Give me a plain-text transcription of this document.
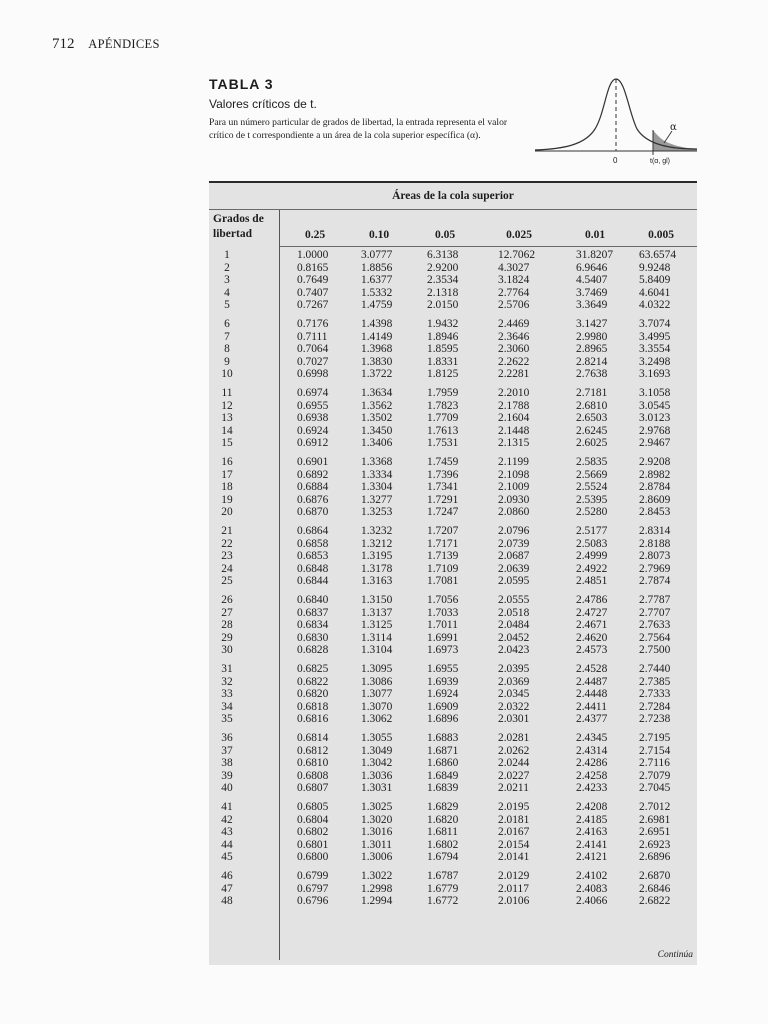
712 APÉNDICES
TABLA 3
Valores críticos de t.
Para un número particular de grados de libertad, la entrada representa el valor crítico de t correspondiente a un área de la cola superior específica (α).
α
0	t(α, gl)
Áreas de la cola superior
Grados de
libertad	0.25	0.10	0.05	0.025	0.01	0.005
1	1.0000	3.0777	6.3138	12.7062	31.8207 63.6574
2	0.8165	1.8856	2.9200	4.3027	6.9646	9.9248
3	0.7649	1.6377	2.3534	3.1824	4.5407	5.8409
4	0.7407	1.5332	2.1318	2.7764	3.7469	4.6041
5	0.7267	1.4759	2.0150	2.5706	3.3649	4.0322
6	0.7176	1.4398	1.9432	2.4469	3.1427	3.7074
7	0.7111	1.4149	1.8946	2.3646	2.9980	3.4995
8	0.7064	1.3968	1.8595	2.3060	2.8965	3.3554
9	0.7027	1.3830	1.8331	2.2622	2.8214	3.2498
10	0.6998	1.3722	1.8125	2.2281	2.7638	3.1693
11	0.6974	1.3634	1.7959	2.2010	2.7181	3.1058
12	0.6955	1.3562	1.7823	2.1788	2.6810	3.0545
13	0.6938	1.3502	1.7709	2.1604	2.6503	3.0123
14	0.6924	1.3450	1.7613	2.1448	2.6245	2.9768
15	0.6912	1.3406	1.7531	2.1315	2.6025	2.9467
16	0.6901	1.3368	1.7459	2.1199	2.5835	2.9208
17	0.6892	1.3334	1.7396	2.1098	2.5669	2.8982
18	0.6884	1.3304	1.7341	2.1009	2.5524	2.8784
19	0.6876	1.3277	1.7291	2.0930	2.5395	2.8609
20	0.6870	1.3253	1.7247	2.0860	2.5280	2.8453
21	0.6864	1.3232	1.7207	2.0796	2.5177	2.8314
22	0.6858	1.3212	1.7171	2.0739	2.5083	2.8188
23	0.6853	1.3195	1.7139	2.0687	2.4999	2.8073
24	0.6848	1.3178	1.7109	2.0639	2.4922	2.7969
25	0.6844	1.3163	1.7081	2.0595	2.4851	2.7874
26	0.6840	1.3150	1.7056	2.0555	2.4786	2.7787
27	0.6837	1.3137	1.7033	2.0518	2.4727	2.7707
28	0.6834	1.3125	1.7011	2.0484	2.4671	2.7633
29	0.6830	1.3114	1.6991	2.0452	2.4620	2.7564
30	0.6828	1.3104	1.6973	2.0423	2.4573	2.7500
31	0.6825	1.3095	1.6955	2.0395	2.4528	2.7440
32	0.6822	1.3086	1.6939	2.0369	2.4487	2.7385
33	0.6820	1.3077	1.6924	2.0345	2.4448	2.7333
34	0.6818	1.3070	1.6909	2.0322	2.4411	2.7284
35	0.6816	1.3062	1.6896	2.0301	2.4377	2.7238
36	0.6814	1.3055	1.6883	2.0281	2.4345	2.7195
37	0.6812	1.3049	1.6871	2.0262	2.4314	2.7154
38	0.6810	1.3042	1.6860	2.0244	2.4286	2.7116
39	0.6808	1.3036	1.6849	2.0227	2.4258	2.7079
40	0.6807	1.3031	1.6839	2.0211	2.4233	2.7045
41	0.6805	1.3025	1.6829	2.0195	2.4208	2.7012
42	0.6804	1.3020	1.6820	2.0181	2.4185	2.6981
43	0.6802	1.3016	1.6811	2.0167	2.4163	2.6951
44	0.6801	1.3011	1.6802	2.0154	2.4141	2.6923
45	0.6800	1.3006	1.6794	2.0141	2.4121	2.6896
46	0.6799	1.3022	1.6787	2.0129	2.4102	2.6870
47	0.6797	1.2998	1.6779	2.0117	2.4083	2.6846
48	0.6796	1.2994	1.6772	2.0106	2.4066	2.6822
Continúa
